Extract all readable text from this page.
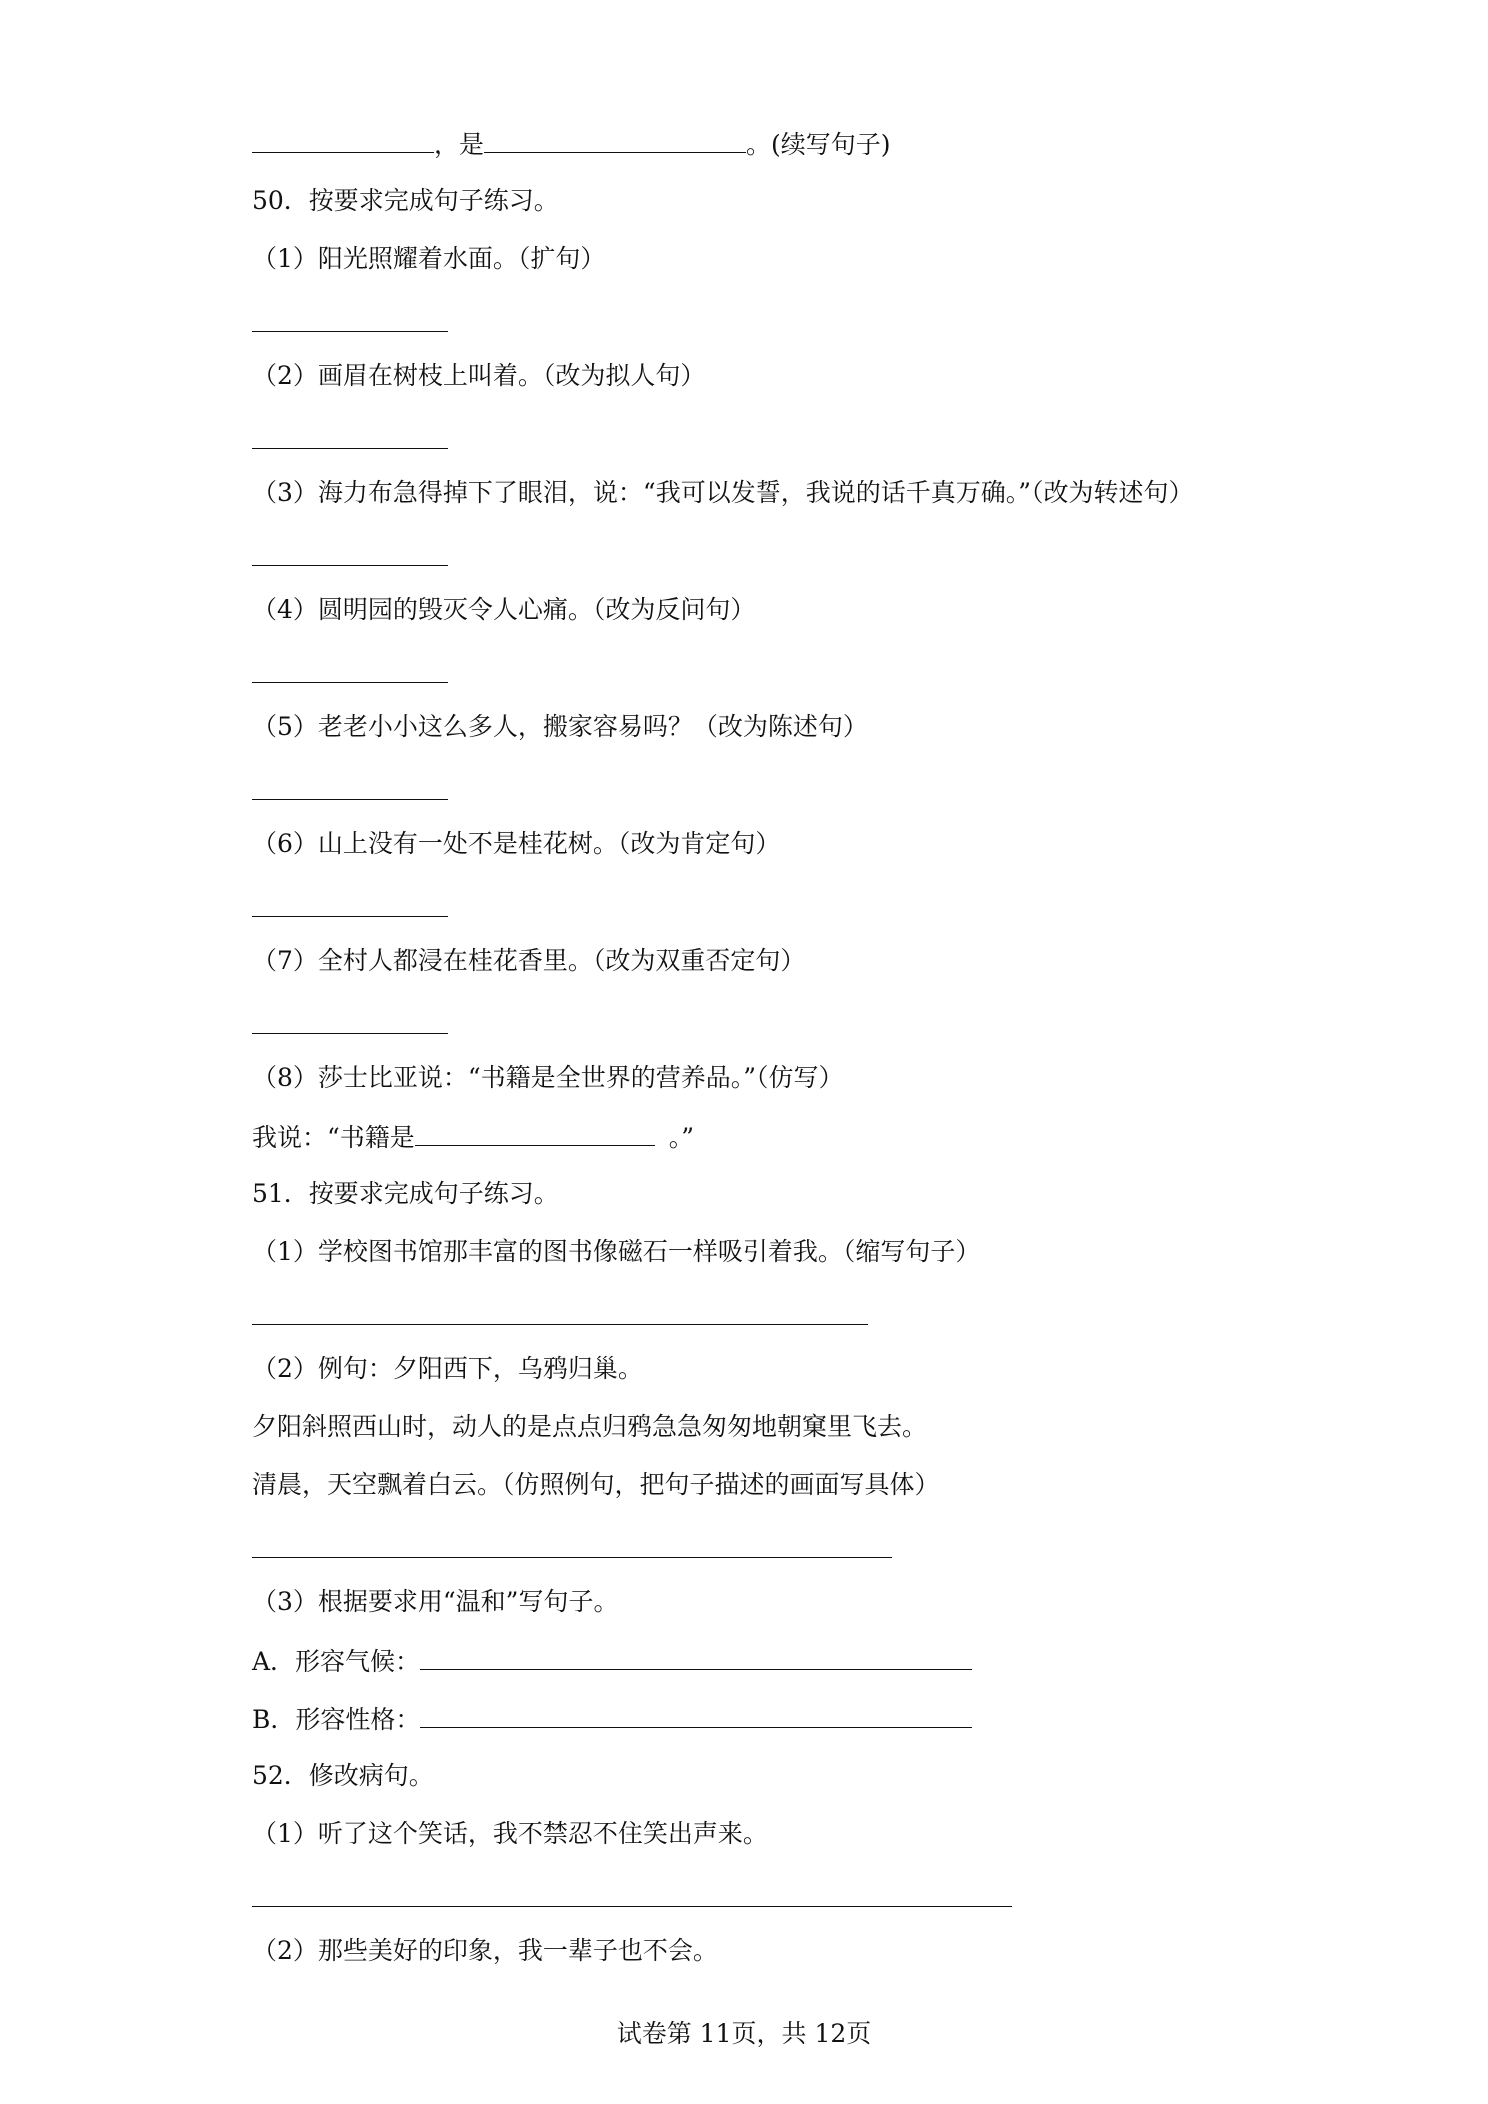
，是	。(续写句子)
50．按要求完成句子练习。
（1）阳光照耀着水面。（扩句）
（2）画眉在树枝上叫着。（改为拟人句）
（3）海力布急得掉下了眼泪，说：“我可以发誓，我说的话千真万确。”（改为转述句）
（4）圆明园的毁灭令人心痛。（改为反问句）
（5）老老小小这么多人，搬家容易吗？（改为陈述句）
（6）山上没有一处不是桂花树。（改为肯定句）
（7）全村人都浸在桂花香里。（改为双重否定句）
（8）莎士比亚说：“书籍是全世界的营养品。”（仿写）
我说：“书籍是	。”
51．按要求完成句子练习。
（1）学校图书馆那丰富的图书像磁石一样吸引着我。（缩写句子）
（2）例句：夕阳西下，乌鸦归巢。
夕阳斜照西山时，动人的是点点归鸦急急匆匆地朝窠里飞去。
清晨，天空飘着白云。（仿照例句，把句子描述的画面写具体）
（3）根据要求用“温和”写句子。
A．形容气候：
B．形容性格：
52．修改病句。
（1）听了这个笑话，我不禁忍不住笑出声来。
（2）那些美好的印象，我一辈子也不会。
试卷第 11页，共 12页
